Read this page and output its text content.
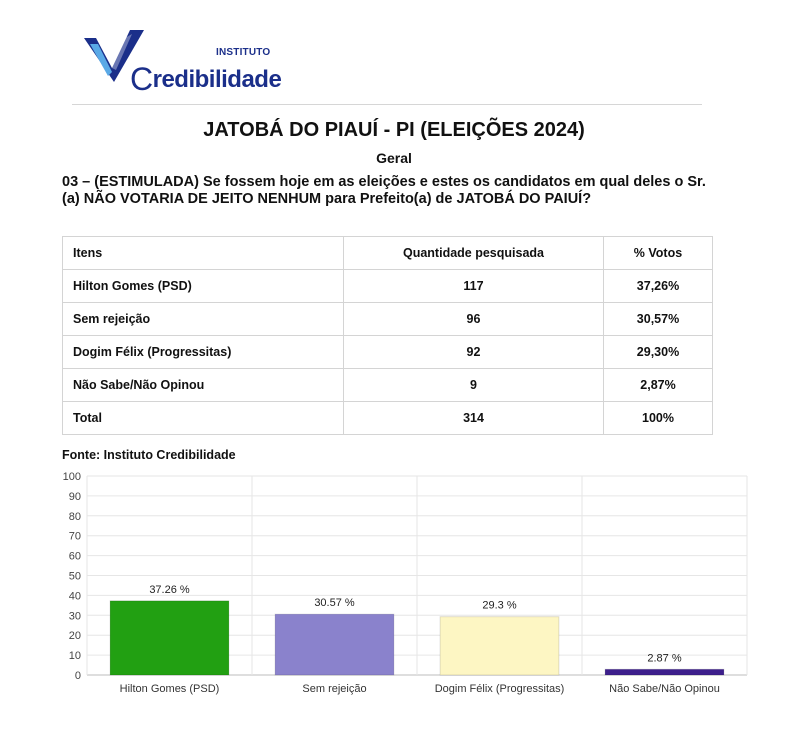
INSTITUTO
Credibilidade
JATOBÁ DO PIAUÍ - PI (ELEIÇÕES 2024)
Geral
03 – (ESTIMULADA) Se fossem hoje em as eleições e estes os candidatos em qual deles o Sr.(a) NÃO VOTARIA DE JEITO NENHUM para Prefeito(a) de JATOBÁ DO PAIUÍ?
Itens	Quantidade pesquisada	% Votos
Hilton Gomes (PSD)	117	37,26%
Sem rejeição	96	30,57%
Dogim Félix (Progressitas)	92	29,30%
Não Sabe/Não Opinou	9	2,87%
Total	314	100%
Fonte: Instituto Credibilidade
0
10
20
30
40
50
60
70
80
90
100
37.26 %
Hilton Gomes (PSD)
30.57 %
Sem rejeição
29.3 %
Dogim Félix (Progressitas)
2.87 %
Não Sabe/Não Opinou
